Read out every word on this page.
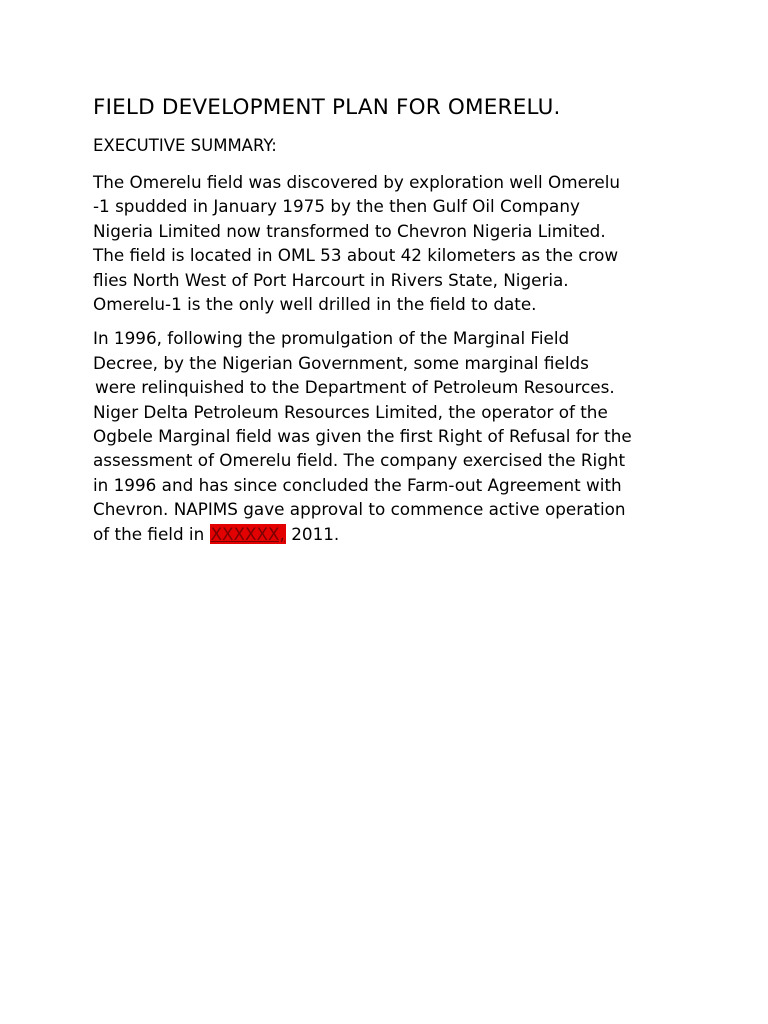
FIELD DEVELOPMENT PLAN FOR OMERELU.
EXECUTIVE SUMMARY:

The Omerelu field was discovered by exploration well Omerelu
-1 spudded in January 1975 by the then Gulf Oil Company
Nigeria Limited now transformed to Chevron Nigeria Limited.
The field is located in OML 53 about 42 kilometers as the crow
flies North West of Port Harcourt in Rivers State, Nigeria.
Omerelu-1 is the only well drilled in the field to date.

In 1996, following the promulgation of the Marginal Field
Decree, by the Nigerian Government, some marginal fields
were relinquished to the Department of Petroleum Resources.
Niger Delta Petroleum Resources Limited, the operator of the
Ogbele Marginal field was given the first Right of Refusal for the
assessment of Omerelu field. The company exercised the Right
in 1996 and has since concluded the Farm-out Agreement with
Chevron. NAPIMS gave approval to commence active operation
of the field in XXXXXX, 2011.
